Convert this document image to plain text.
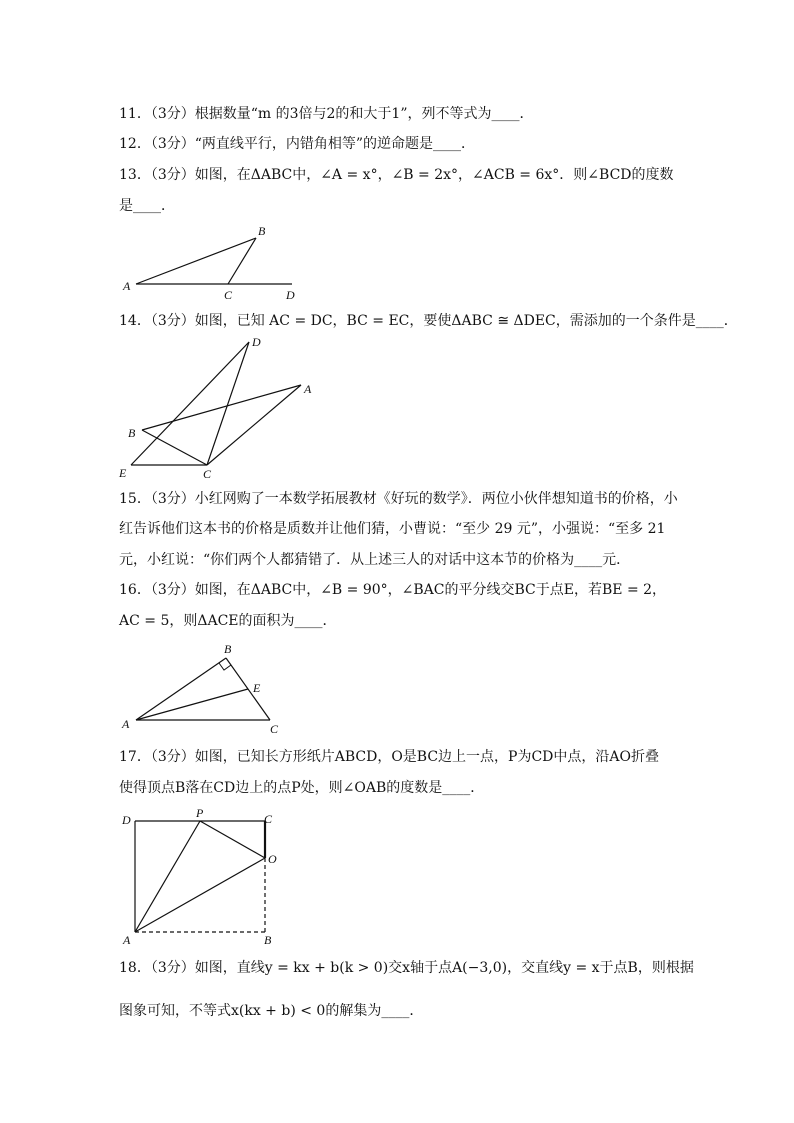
11．（3分）根据数量“m 的3倍与2的和大于1”，列不等式为____．
12．（3分）“两直线平行，内错角相等”的逆命题是____．
13．（3分）如图，在ΔABC中，∠A = x°，∠B = 2x°，∠ACB = 6x°．则∠BCD的度数
是____．
A
B
C	D
14．（3分）如图，已知 AC = DC，BC = EC，要使ΔABC ≅ ΔDEC，需添加的一个条件是____．
D
A
B
E	C
15．（3分）小红网购了一本数学拓展教材《好玩的数学》．两位小伙伴想知道书的价格，小
红告诉他们这本书的价格是质数并让他们猜，小曹说：“至少 29 元”，小强说：“至多 21
元，小红说：“你们两个人都猜错了．从上述三人的对话中这本节的价格为____元．
16．（3分）如图，在ΔABC中，∠B = 90°，∠BAC的平分线交BC于点E，若BE = 2，
AC = 5，则ΔACE的面积为____．
B
E
A	C
17．（3分）如图，已知长方形纸片ABCD，O是BC边上一点，P为CD中点，沿AO折叠
使得顶点B落在CD边上的点P处，则∠OAB的度数是____．
D	P	C
O
A	B
18．（3分）如图，直线y = kx + b(k > 0)交x轴于点A(−3,0)，交直线y = x于点B，则根据
图象可知，不等式x(kx + b) < 0的解集为____．
